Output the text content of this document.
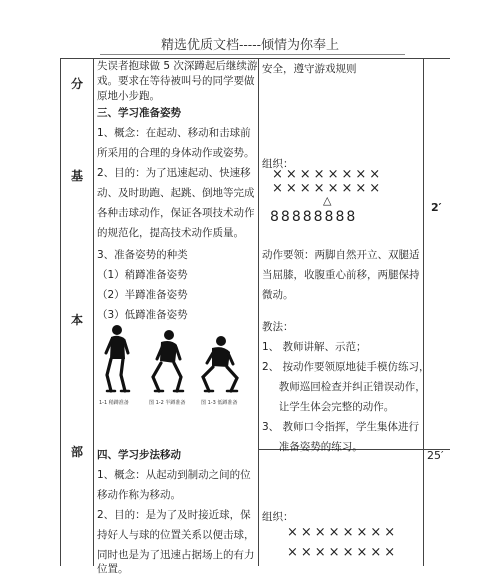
精选优质文档-----倾情为你奉上
分
基
本
部
失误者抱球做 5 次深蹲起后继续游
戏。要求在等待被叫号的同学要做
原地小步跑。
三、学习准备姿势
1、概念：在起动、移动和击球前
所采用的合理的身体动作或姿势。
2、目的：为了迅速起动、快速移
动、及时助跑、起跳、倒地等完成
各种击球动作，保证各项技术动作
的规范化，提高技术动作质量。
3、准备姿势的种类
（1）稍蹲准备姿势
（2）半蹲准备姿势
（3）低蹲准备姿势
1-1 稍蹲准备	图 1-2 半蹲准备	图 1-3 低蹲准备
四、学习步法移动
1、概念：从起动到制动之间的位
移动作称为移动。
2、目的：是为了及时接近球，保
持好人与球的位置关系以便击球，
同时也是为了迅速占据场上的有力
位置。
安全，遵守游戏规则
组织：
××××××××
××××××××
△
88888888
动作要领：两脚自然开立、双腿适
当屈膝，收腹重心前移，两腿保持
微动。
教法：
1、 教师讲解、示范；
2、 按动作要领原地徒手模仿练习，
教师巡回检查并纠正错误动作，
让学生体会完整的动作。
3、 教师口令指挥，学生集体进行
准备姿势的练习。
组织：
××××××××
××××××××
2′
25′
